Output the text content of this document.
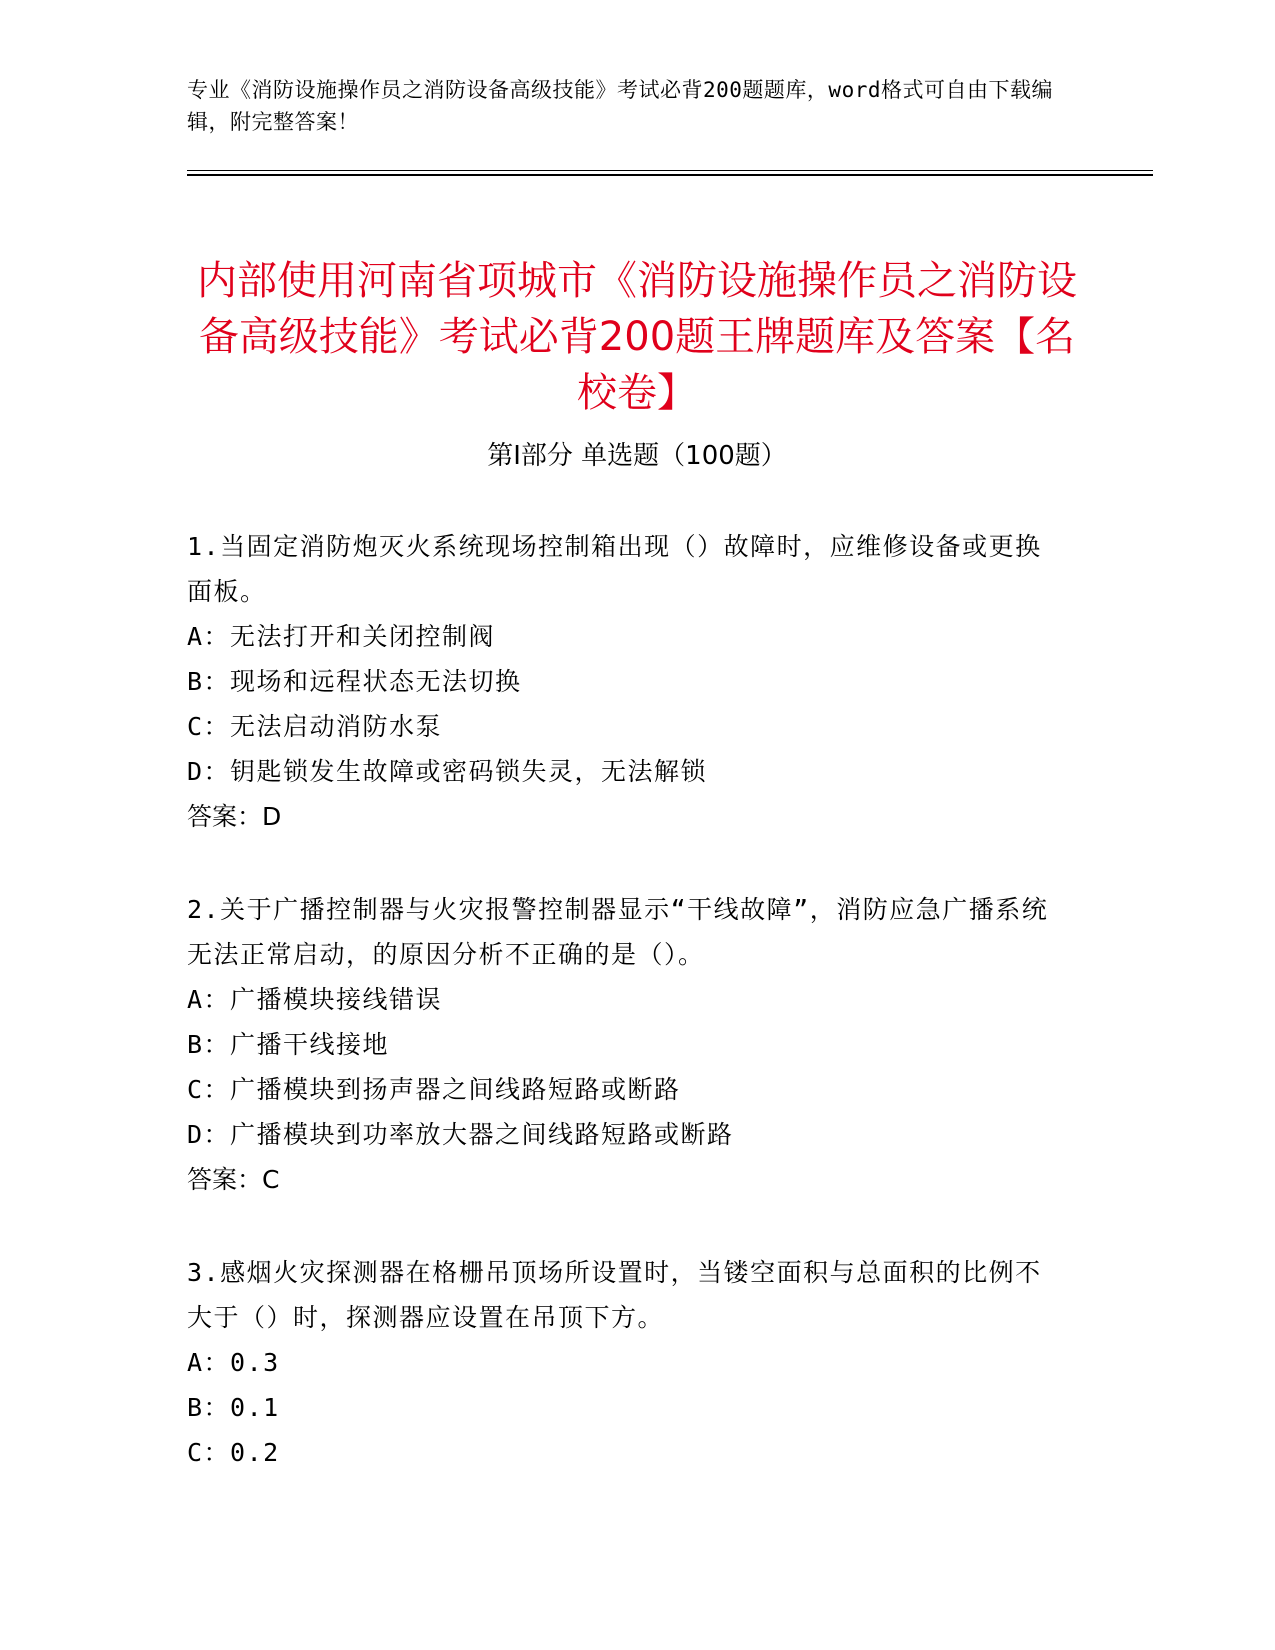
专业《消防设施操作员之消防设备高级技能》考试必背200题题库，word格式可自由下载编辑，附完整答案！
内部使用河南省项城市《消防设施操作员之消防设备高级技能》考试必背200题王牌题库及答案【名校卷】
第Ⅰ部分 单选题（100题）

1.当固定消防炮灭火系统现场控制箱出现（）故障时，应维修设备或更换面板。

A：无法打开和关闭控制阀

B：现场和远程状态无法切换

C：无法启动消防水泵

D：钥匙锁发生故障或密码锁失灵，无法解锁

答案：D

2.关于广播控制器与火灾报警控制器显示“干线故障”，消防应急广播系统无法正常启动，的原因分析不正确的是（）。

A：广播模块接线错误

B：广播干线接地

C：广播模块到扬声器之间线路短路或断路

D：广播模块到功率放大器之间线路短路或断路

答案：C

3.感烟火灾探测器在格栅吊顶场所设置时，当镂空面积与总面积的比例不大于（）时，探测器应设置在吊顶下方。

A：0.3

B：0.1

C：0.2
